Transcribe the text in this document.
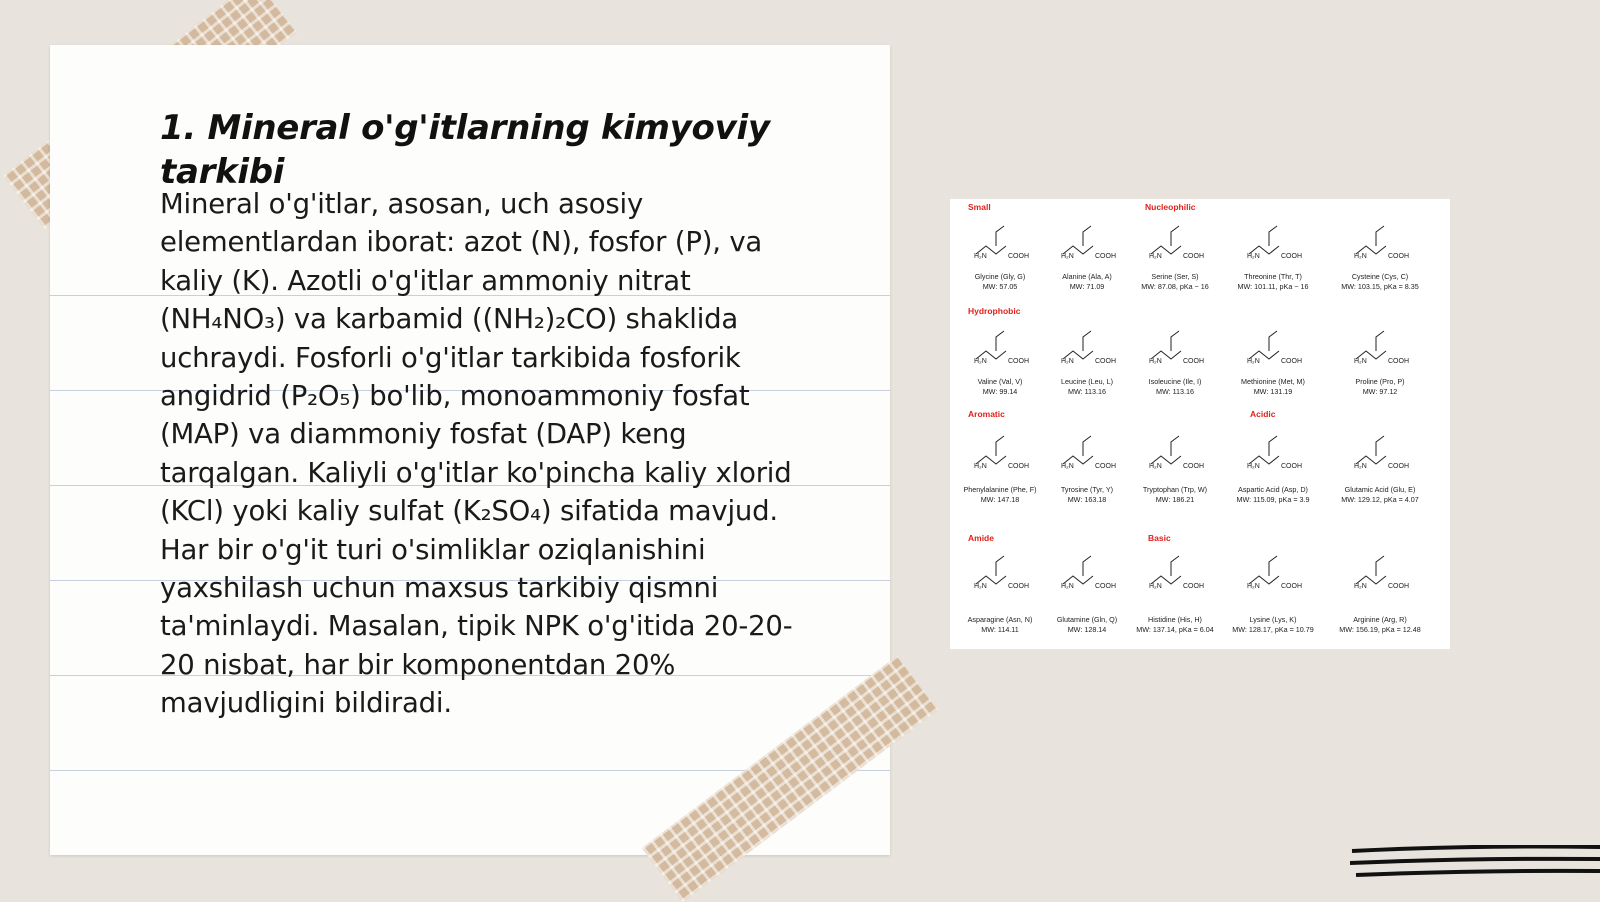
1. Mineral o'g'itlarning kimyoviy tarkibi

Mineral o'g'itlar, asosan, uch asosiy elementlardan iborat: azot (N), fosfor (P), va kaliy (K). Azotli o'g'itlar ammoniy nitrat (NH₄NO₃) va karbamid ((NH₂)₂CO) shaklida uchraydi. Fosforli o'g'itlar tarkibida fosforik angidrid (P₂O₅) bo'lib, monoammoniy fosfat (MAP) va diammoniy fosfat (DAP) keng tarqalgan. Kaliyli o'g'itlar ko'pincha kaliy xlorid (KCl) yoki kaliy sulfat (K₂SO₄) sifatida mavjud. Har bir o'g'it turi o'simliklar oziqlanishini yaxshilash uchun maxsus tarkibiy qismni ta'minlaydi. Masalan, tipik NPK o'g'itida 20-20-20 nisbat, har bir komponentdan 20% mavjudligini bildiradi.

Small	Nucleophilic
Hydrophobic
Aromatic	Acidic
Amide	Basic
H₂N	COOH
Glycine (Gly, G)
MW: 57.05
H₂N	COOH
Alanine (Ala, A)
MW: 71.09
H₂N	COOH
Serine (Ser, S)
MW: 87.08, pKa ~ 16
H₂N	COOH
Threonine (Thr, T)
MW: 101.11, pKa ~ 16
H₂N	COOH
Cysteine (Cys, C)
MW: 103.15, pKa = 8.35
H₂N	COOH
Valine (Val, V)
MW: 99.14
H₂N	COOH
Leucine (Leu, L)
MW: 113.16
H₂N	COOH
Isoleucine (Ile, I)
MW: 113.16
H₂N	COOH
Methionine (Met, M)
MW: 131.19
H₂N	COOH
Proline (Pro, P)
MW: 97.12
H₂N	COOH
Phenylalanine (Phe, F)
MW: 147.18
H₂N	COOH
Tyrosine (Tyr, Y)
MW: 163.18
H₂N	COOH
Tryptophan (Trp, W)
MW: 186.21
H₂N	COOH
Aspartic Acid (Asp, D)
MW: 115.09, pKa = 3.9
H₂N	COOH
Glutamic Acid (Glu, E)
MW: 129.12, pKa = 4.07
H₂N	COOH
Asparagine (Asn, N)
MW: 114.11
H₂N	COOH
Glutamine (Gln, Q)
MW: 128.14
H₂N	COOH
Histidine (His, H)
MW: 137.14, pKa = 6.04
H₂N	COOH
Lysine (Lys, K)
MW: 128.17, pKa = 10.79
H₂N	COOH
Arginine (Arg, R)
MW: 156.19, pKa = 12.48
